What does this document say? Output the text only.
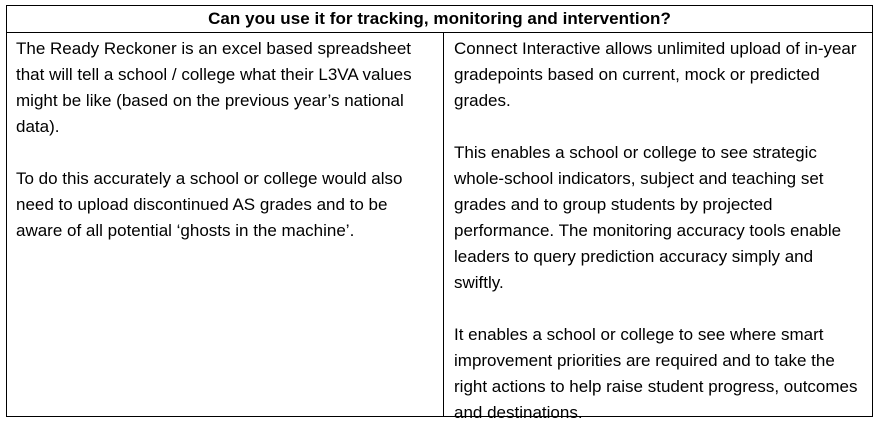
Can you use it for tracking, monitoring and intervention?

The Ready Reckoner is an excel based spreadsheet that will tell a school / college what their L3VA values might be like (based on the previous year’s national data).

To do this accurately a school or college would also need to upload discontinued AS grades and to be aware of all potential ‘ghosts in the machine’.

Connect Interactive allows unlimited upload of in-year gradepoints based on current, mock or predicted grades.

This enables a school or college to see strategic whole-school indicators, subject and teaching set grades and to group students by projected performance. The monitoring accuracy tools enable leaders to query prediction accuracy simply and swiftly.

It enables a school or college to see where smart improvement priorities are required and to take the right actions to help raise student progress, outcomes and destinations.
